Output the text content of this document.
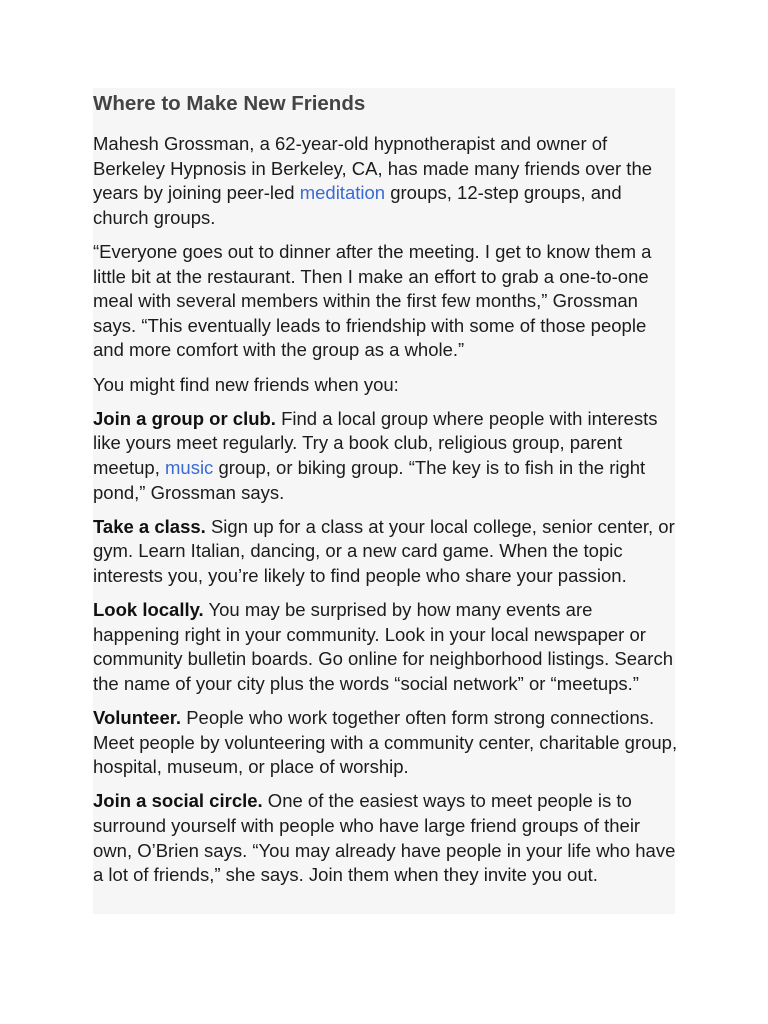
Where to Make New Friends

Mahesh Grossman, a 62-year-old hypnotherapist and owner of Berkeley Hypnosis in Berkeley, CA, has made many friends over the years by joining peer-led meditation groups, 12-step groups, and church groups.

“Everyone goes out to dinner after the meeting. I get to know them a little bit at the restaurant. Then I make an effort to grab a one-to-one meal with several members within the first few months,” Grossman says. “This eventually leads to friendship with some of those people and more comfort with the group as a whole.”

You might find new friends when you:

Join a group or club. Find a local group where people with interests like yours meet regularly. Try a book club, religious group, parent meetup, music group, or biking group. “The key is to fish in the right pond,” Grossman says.

Take a class. Sign up for a class at your local college, senior center, or gym. Learn Italian, dancing, or a new card game. When the topic interests you, you’re likely to find people who share your passion.

Look locally. You may be surprised by how many events are happening right in your community. Look in your local newspaper or community bulletin boards. Go online for neighborhood listings. Search the name of your city plus the words “social network” or “meetups.”

Volunteer. People who work together often form strong connections. Meet people by volunteering with a community center, charitable group, hospital, museum, or place of worship.

Join a social circle. One of the easiest ways to meet people is to surround yourself with people who have large friend groups of their own, O’Brien says. “You may already have people in your life who have a lot of friends,” she says. Join them when they invite you out.
